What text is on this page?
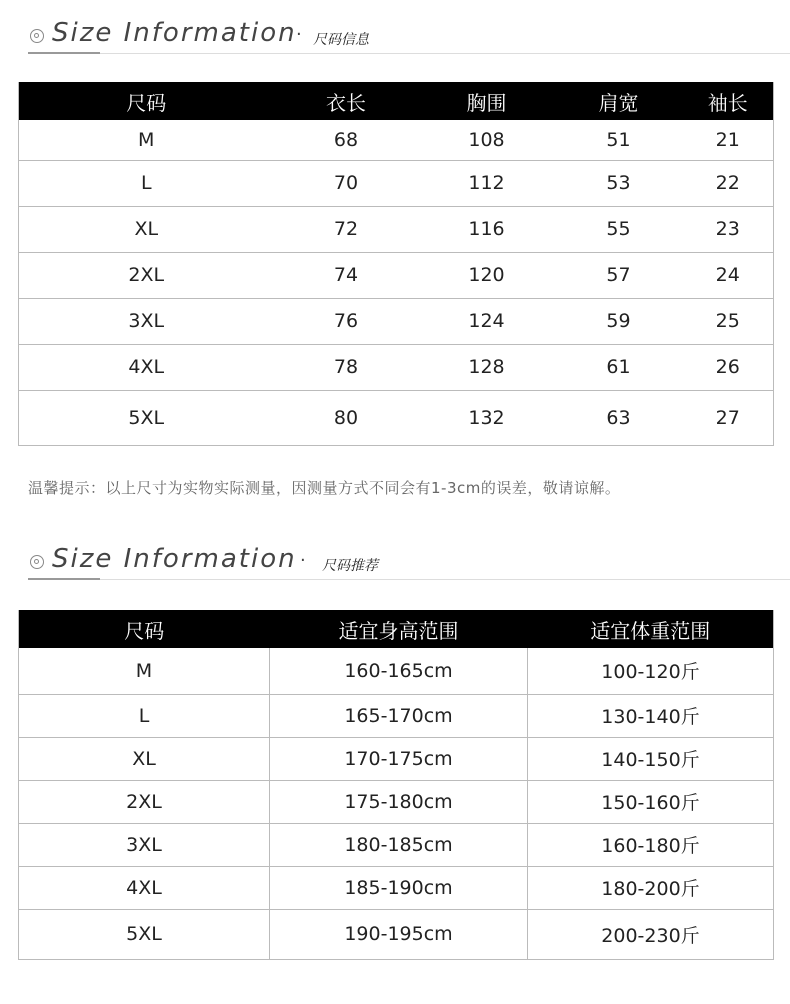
Size Information · 尺码信息
尺码	衣长	胸围	肩宽	袖长
M	68	108	51	21
L	70	112	53	22
XL	72	116	55	23
2XL	74	120	57	24
3XL	76	124	59	25
4XL	78	128	61	26
5XL	80	132	63	27
温馨提示：以上尺寸为实物实际测量，因测量方式不同会有1-3cm的误差，敬请谅解。
Size Information · 尺码推荐
尺码	适宜身高范围	适宜体重范围
M	160-165cm	100-120斤
L	165-170cm	130-140斤
XL	170-175cm	140-150斤
2XL	175-180cm	150-160斤
3XL	180-185cm	160-180斤
4XL	185-190cm	180-200斤
5XL	190-195cm	200-230斤
